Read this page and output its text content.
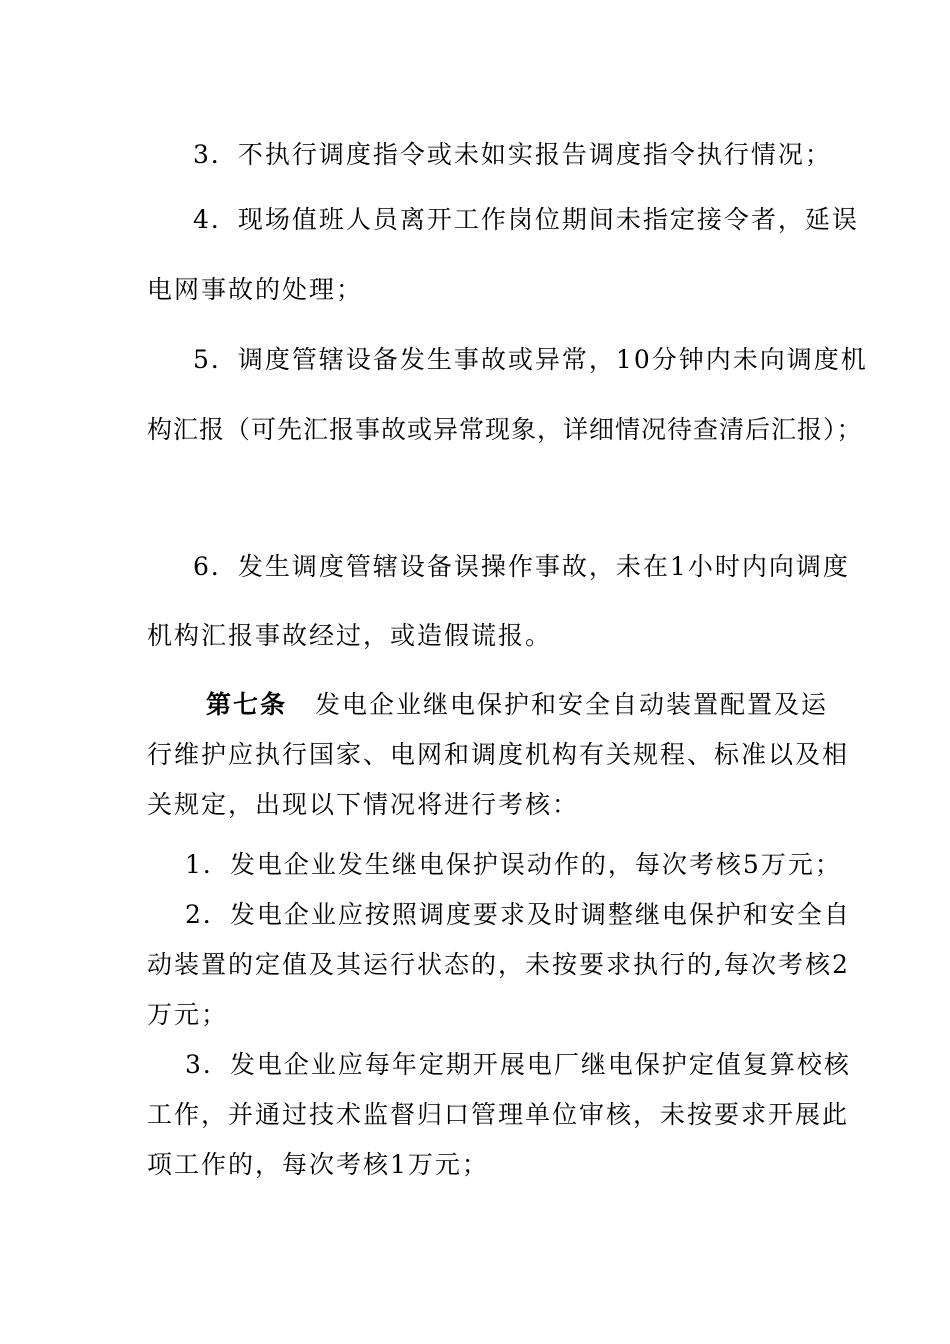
3．不执行调度指令或未如实报告调度指令执行情况；
4．现场值班人员离开工作岗位期间未指定接令者，延误
电网事故的处理；
5．调度管辖设备发生事故或异常，10分钟内未向调度机
构汇报（可先汇报事故或异常现象，详细情况待查清后汇报）；
6．发生调度管辖设备误操作事故，未在1小时内向调度
机构汇报事故经过，或造假谎报。
第七条 发电企业继电保护和安全自动装置配置及运
行维护应执行国家、电网和调度机构有关规程、标准以及相
关规定，出现以下情况将进行考核：
1．发电企业发生继电保护误动作的，每次考核5万元；
2．发电企业应按照调度要求及时调整继电保护和安全自
动装置的定值及其运行状态的，未按要求执行的,每次考核2
万元；
3．发电企业应每年定期开展电厂继电保护定值复算校核
工作，并通过技术监督归口管理单位审核，未按要求开展此
项工作的，每次考核1万元；
